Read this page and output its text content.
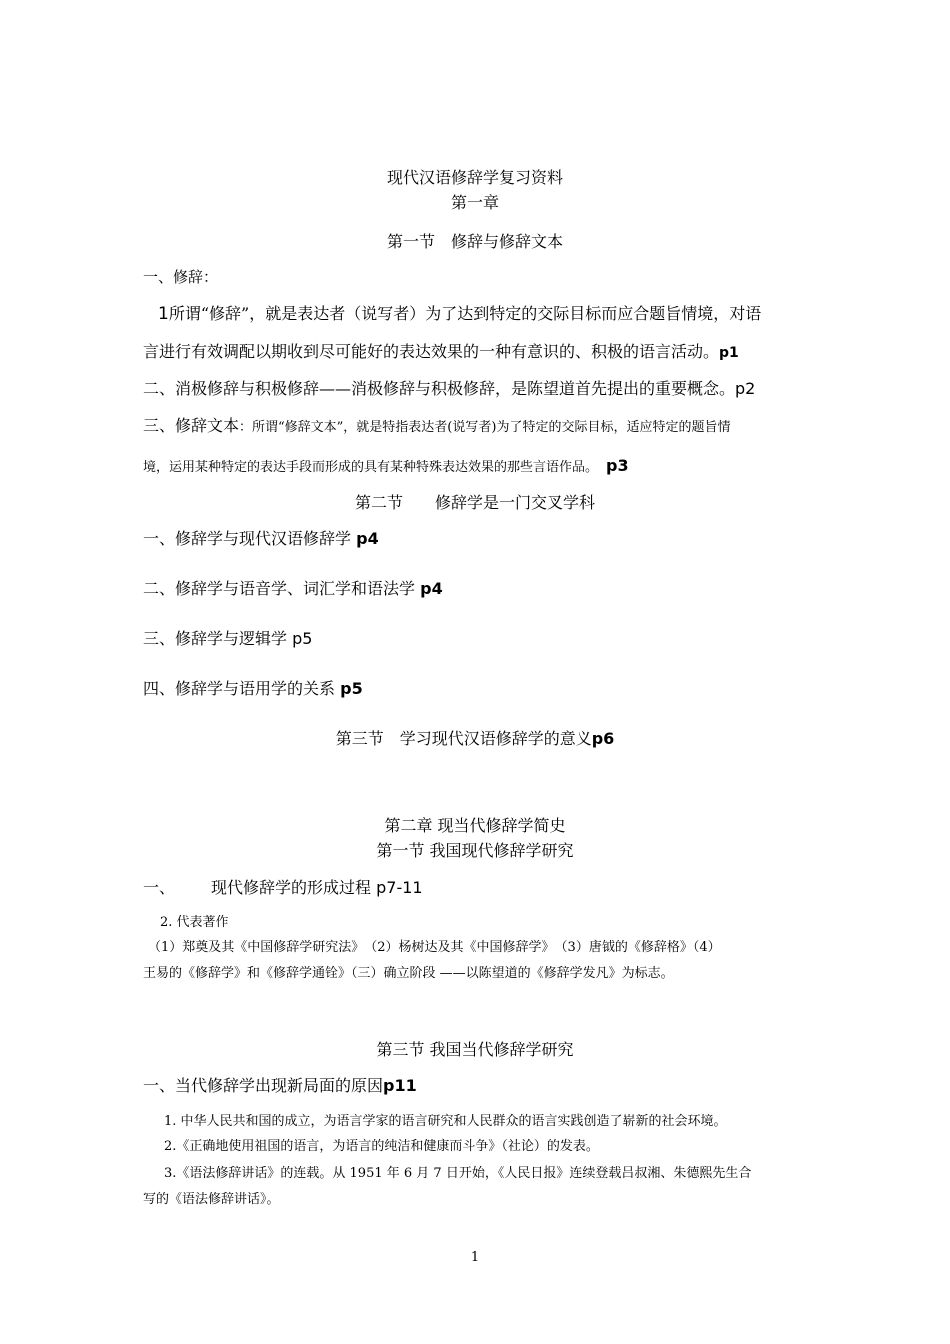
现代汉语修辞学复习资料
第一章
第一节　修辞与修辞文本
一、修辞：
1所谓“修辞”，就是表达者（说写者）为了达到特定的交际目标而应合题旨情境，对语
言进行有效调配以期收到尽可能好的表达效果的一种有意识的、积极的语言活动。p1
二、消极修辞与积极修辞——消极修辞与积极修辞，是陈望道首先提出的重要概念。p2
三、修辞文本：所谓“修辞文本”，就是特指表达者(说写者)为了特定的交际目标，适应特定的题旨情
境，运用某种特定的表达手段而形成的具有某种特殊表达效果的那些言语作品。 p3
第二节　　修辞学是一门交叉学科
一、修辞学与现代汉语修辞学 p4
二、修辞学与语音学、词汇学和语法学 p4
三、修辞学与逻辑学 p5
四、修辞学与语用学的关系 p5
第三节　学习现代汉语修辞学的意义p6
第二章 现当代修辞学简史
第一节 我国现代修辞学研究
一、 现代修辞学的形成过程 p7-11
2. 代表著作
（1）郑奠及其《中国修辞学研究法》　（2）杨树达及其《中国修辞学》　（3）唐钺的《修辞格》（4）
王易的《修辞学》和《修辞学通铨》（三）确立阶段 ——以陈望道的《修辞学发凡》为标志。
第三节 我国当代修辞学研究
一、当代修辞学出现新局面的原因p11
1. 中华人民共和国的成立，为语言学家的语言研究和人民群众的语言实践创造了崭新的社会环境。
2.《正确地使用祖国的语言，为语言的纯洁和健康而斗争》（社论）的发表。
3.《语法修辞讲话》的连载。从 1951 年 6 月 7 日开始，《人民日报》连续登载吕叔湘、朱德熙先生合
写的《语法修辞讲话》。
1
